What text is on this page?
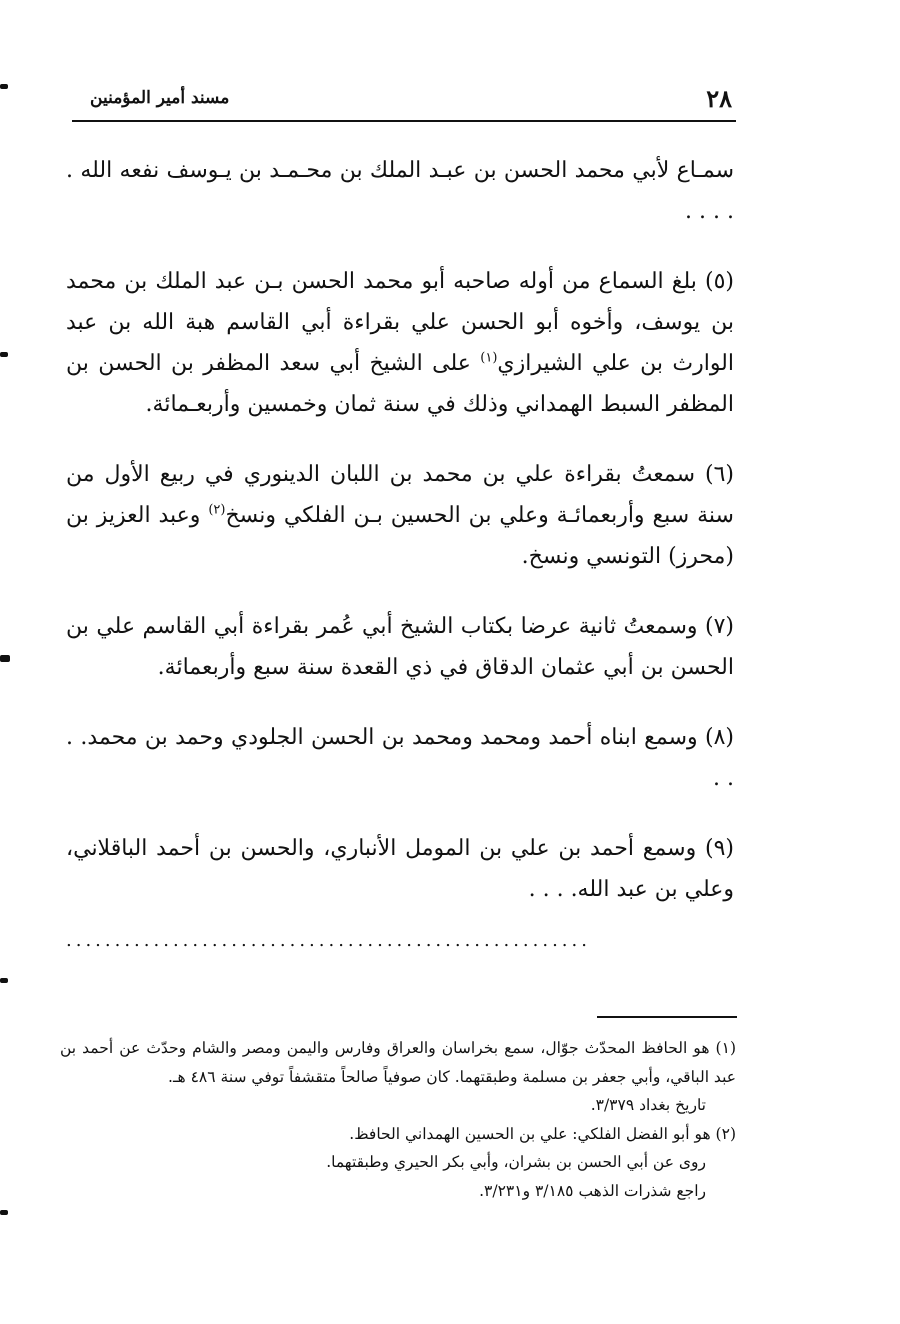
٢٨
مسند أمير المؤمنين

سمـاع لأبي محمد الحسن بن عبـد الملك بن محـمـد بن يـوسف نفعه الله . . . . .

(٥) بلغ السماع من أوله صاحبه أبو محمد الحسن بـن عبد الملك بن محمد بن يوسف، وأخوه أبو الحسن علي بقراءة أبي القاسم هبة الله بن عبد الوارث بن علي الشيرازي$^{(١)}$ على الشيخ أبي سعد المظفر بن الحسن بن المظفر السبط الهمداني وذلك في سنة ثمان وخمسين وأربعـمائة.

(٦) سمعتُ بقراءة علي بن محمد بن اللبان الدينوري في ربيع الأول من سنة سبع وأربعمائـة وعلي بن الحسين بـن الفلكي ونسخ$^{(٢)}$ وعبد العزيز بن (محرز) التونسي ونسخ.

(٧) وسمعتُ ثانية عرضا بكتاب الشيخ أبي عُمر بقراءة أبي القاسم علي بن الحسن بن أبي عثمان الدقاق في ذي القعدة سنة سبع وأربعمائة.

(٨) وسمع ابناه أحمد ومحمد ومحمد بن الحسن الجلودي وحمد بن محمد. . . .

(٩) وسمع أحمد بن علي بن المومل الأنباري، والحسن بن أحمد الباقلاني، وعلي بن عبد الله. . . .

......................................................

(١) هو الحافظ المحدّث جوّال، سمع بخراسان والعراق وفارس واليمن ومصر والشام وحدّث عن أحمد بن عبد الباقي، وأبي جعفر بن مسلمة وطبقتهما. كان صوفياً صالحاً متقشفاً توفي سنة ٤٨٦ هـ.

تاريخ بغداد ٣/٣٧٩.

(٢) هو أبو الفضل الفلكي: علي بن الحسين الهمداني الحافظ.

روى عن أبي الحسن بن بشران، وأبي بكر الحيري وطبقتهما.

راجع شذرات الذهب ٣/١٨٥ و٣/٢٣١.
